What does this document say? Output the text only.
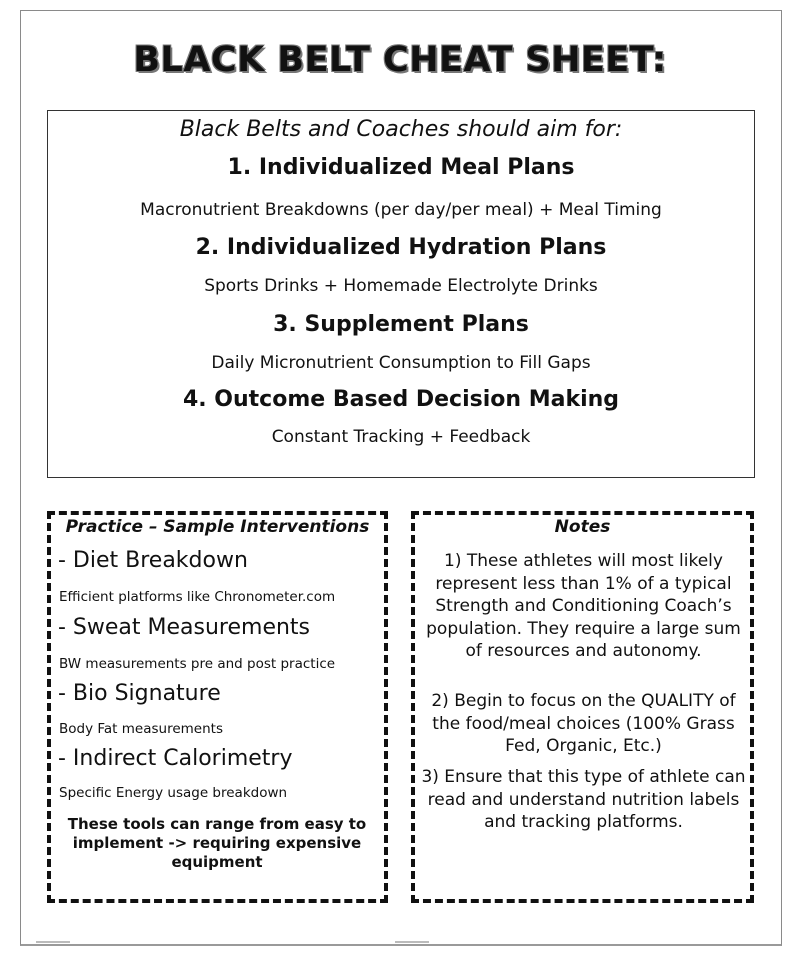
BLACK BELT CHEAT SHEET:
Black Belts and Coaches should aim for:
1. Individualized Meal Plans
Macronutrient Breakdowns (per day/per meal) + Meal Timing
2. Individualized Hydration Plans
Sports Drinks + Homemade Electrolyte Drinks
3. Supplement Plans
Daily Micronutrient Consumption to Fill Gaps
4. Outcome Based Decision Making
Constant Tracking + Feedback
Practice – Sample Interventions
- Diet Breakdown
Efficient platforms like Chronometer.com
- Sweat Measurements
BW measurements pre and post practice
- Bio Signature
Body Fat measurements
- Indirect Calorimetry
Specific Energy usage breakdown
These tools can range from easy to implement -> requiring expensive equipment
Notes
1) These athletes will most likely represent less than 1% of a typical Strength and Conditioning Coach’s population. They require a large sum of resources and autonomy.
2) Begin to focus on the QUALITY of the food/meal choices (100% Grass Fed, Organic, Etc.)
3) Ensure that this type of athlete can read and understand nutrition labels and tracking platforms.
